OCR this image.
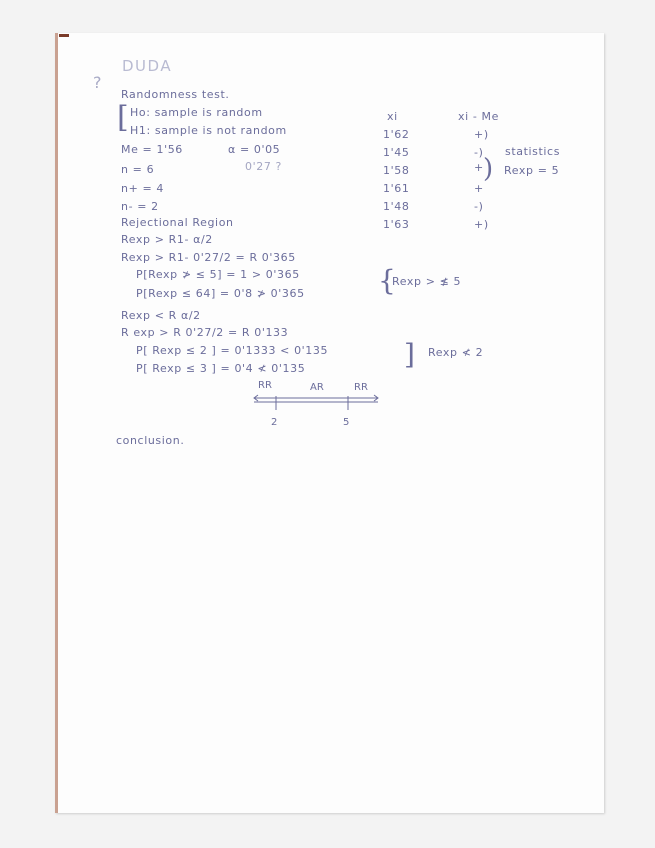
?
DUDA
Randomness test.
[ Ho: sample is random
H1: sample is not random
Me = 1'56	α = 0'05
n = 6	0'27 ?
n+ = 4
n- = 2
Rejectional Region
Rexp > R1- α/2
Rexp > R1- 0'27/2 = R 0'365
P[Rexp ≯ ≤ 5] = 1 > 0'365
P[Rexp ≤ 64] = 0'8 ≯ 0'365	{
Rexp > ≰ 5
Rexp < R α/2
R exp > R 0'27/2 = R 0'133
P[ Rexp ≤ 2 ] = 0'1333 < 0'135
P[ Rexp ≤ 3 ] = 0'4 ≮ 0'135	] Rexp ≮ 2
RR	AR	RR
2	5
conclusion.
xi	xi - Me
1'62	+)
1'45	-)
1'58	+
1'61	+
1'48	-)
1'63	+)
)
statistics
Rexp = 5
